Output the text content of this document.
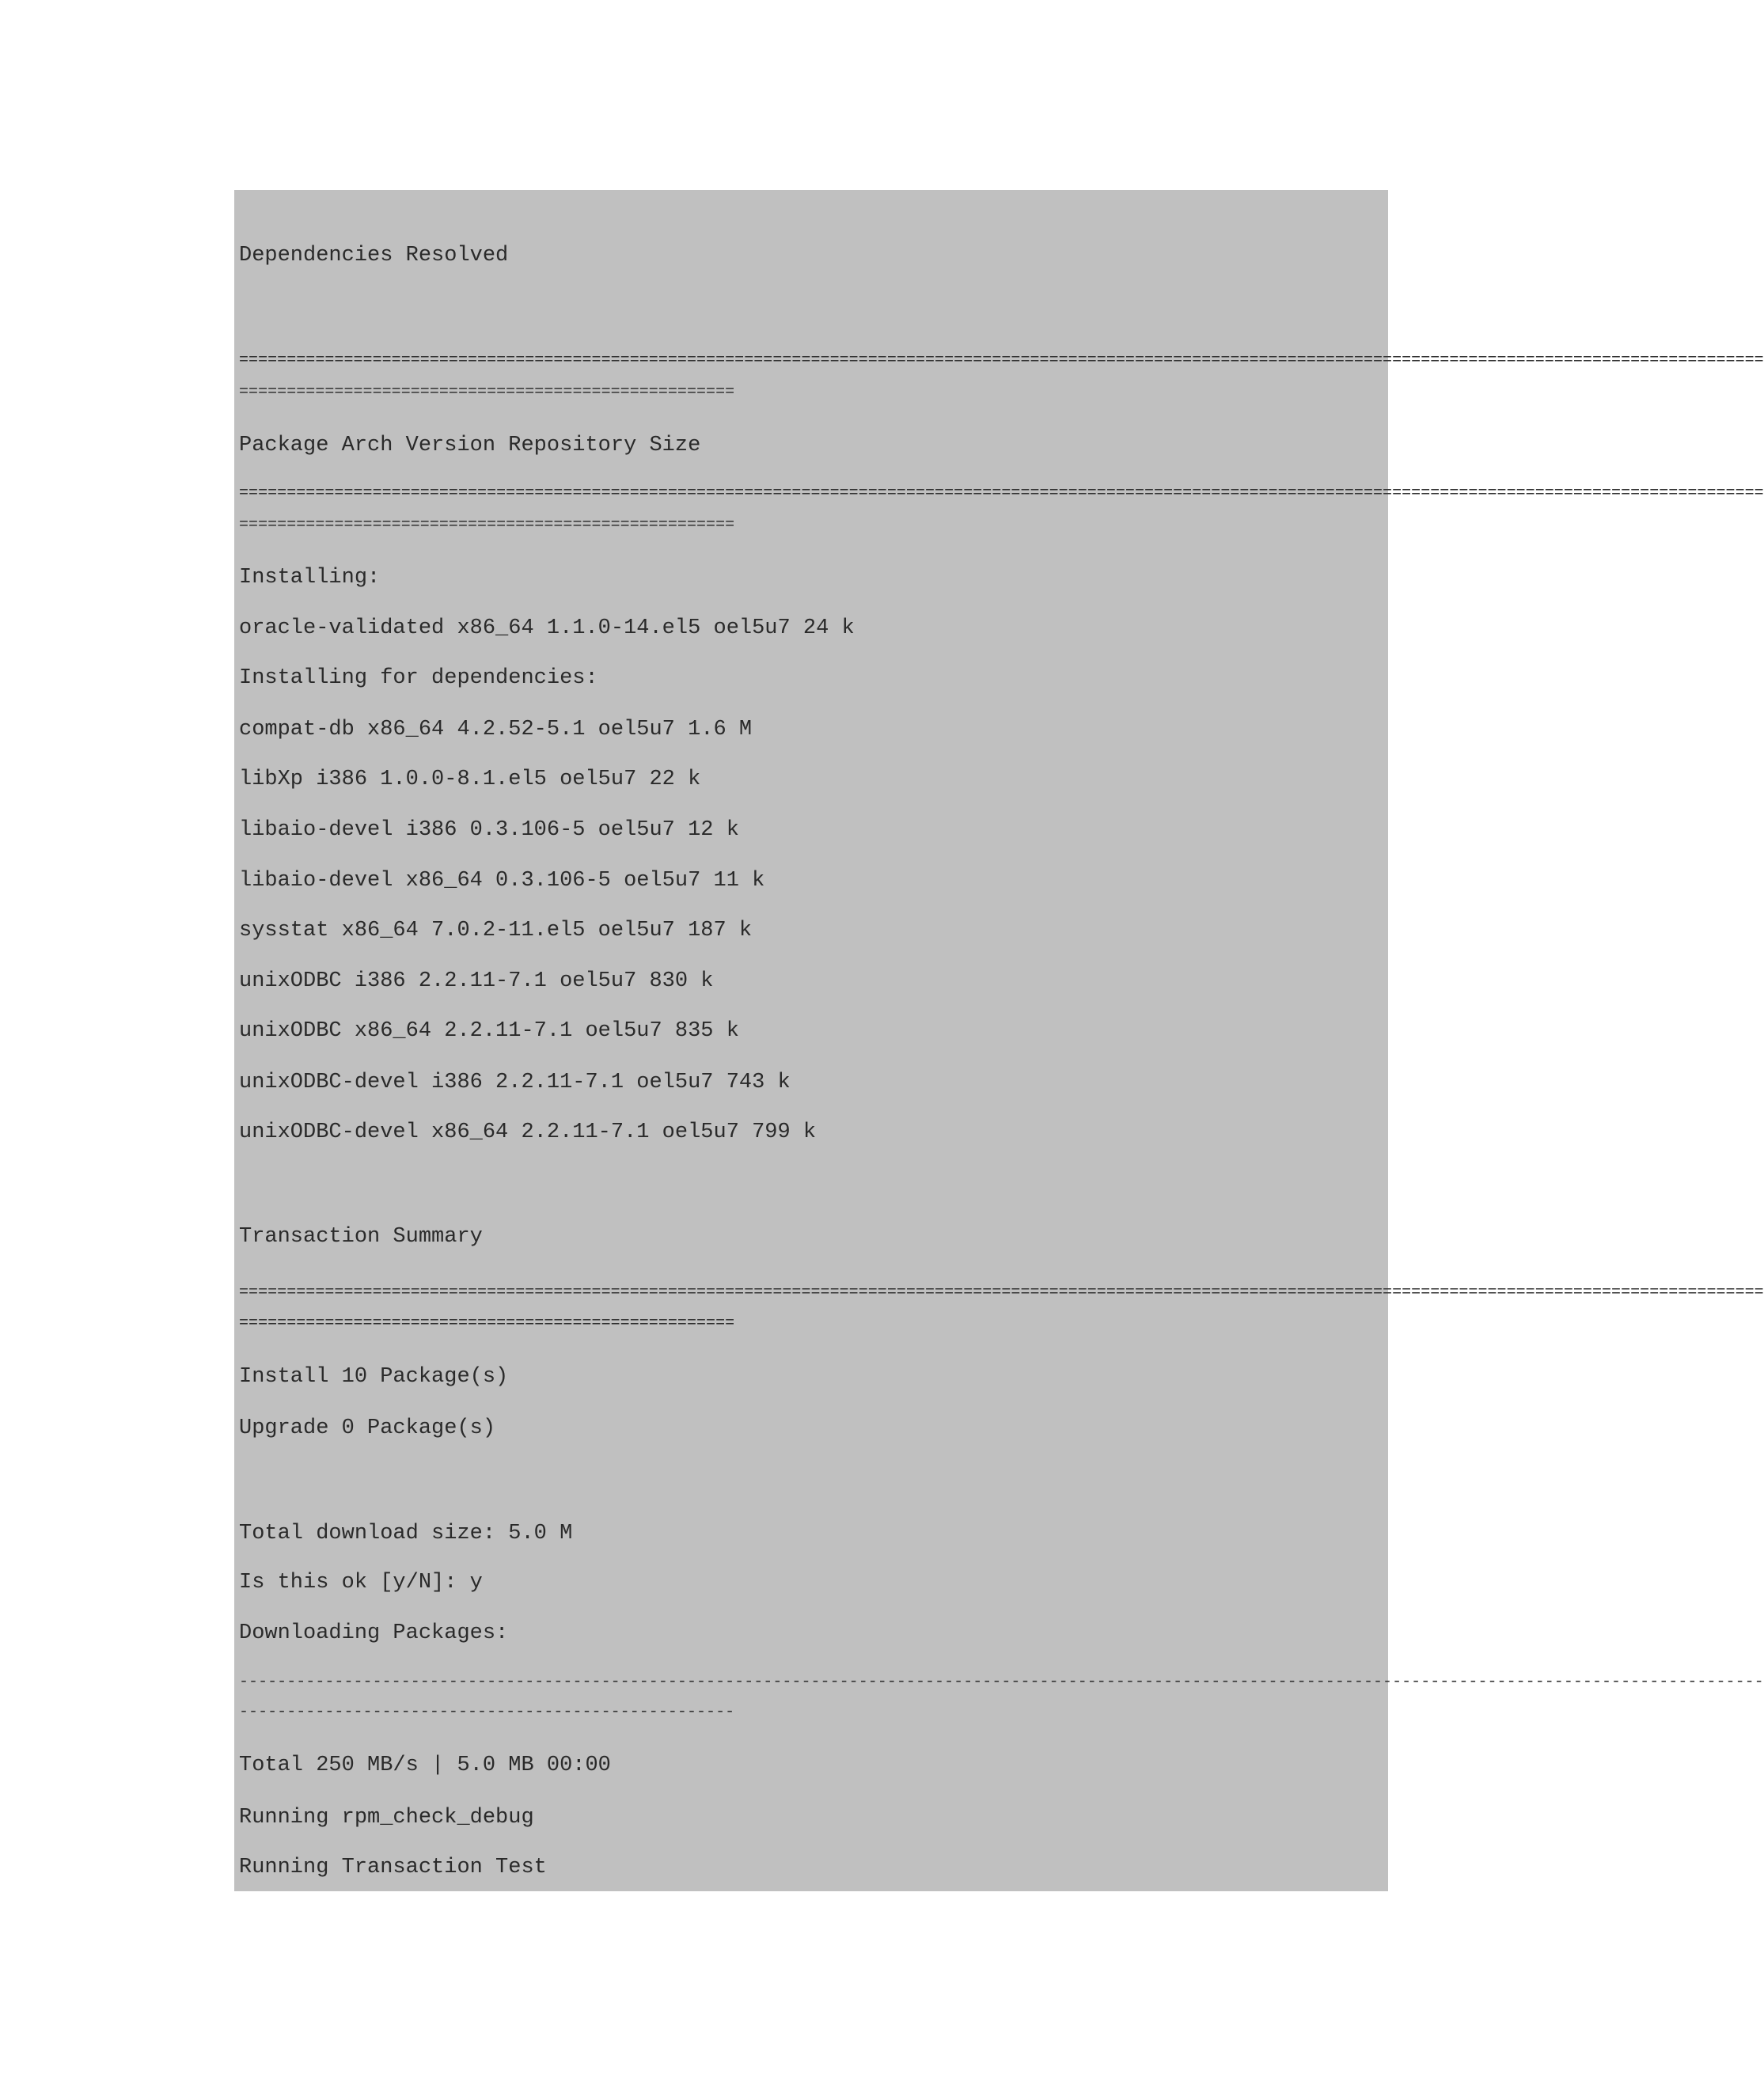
Dependencies Resolved
================================================================================================================================================================
====================================================
Package Arch Version Repository Size
================================================================================================================================================================
====================================================
Installing:
oracle-validated x86_64 1.1.0-14.el5 oel5u7 24 k
Installing for dependencies:
compat-db x86_64 4.2.52-5.1 oel5u7 1.6 M
libXp i386 1.0.0-8.1.el5 oel5u7 22 k
libaio-devel i386 0.3.106-5 oel5u7 12 k
libaio-devel x86_64 0.3.106-5 oel5u7 11 k
sysstat x86_64 7.0.2-11.el5 oel5u7 187 k
unixODBC i386 2.2.11-7.1 oel5u7 830 k
unixODBC x86_64 2.2.11-7.1 oel5u7 835 k
unixODBC-devel i386 2.2.11-7.1 oel5u7 743 k
unixODBC-devel x86_64 2.2.11-7.1 oel5u7 799 k
Transaction Summary
================================================================================================================================================================
====================================================
Install 10 Package(s)
Upgrade 0 Package(s)
Total download size: 5.0 M
Is this ok [y/N]: y
Downloading Packages:
----------------------------------------------------------------------------------------------------------------------------------------------------------------
----------------------------------------------------
Total 250 MB/s | 5.0 MB 00:00
Running rpm_check_debug
Running Transaction Test
